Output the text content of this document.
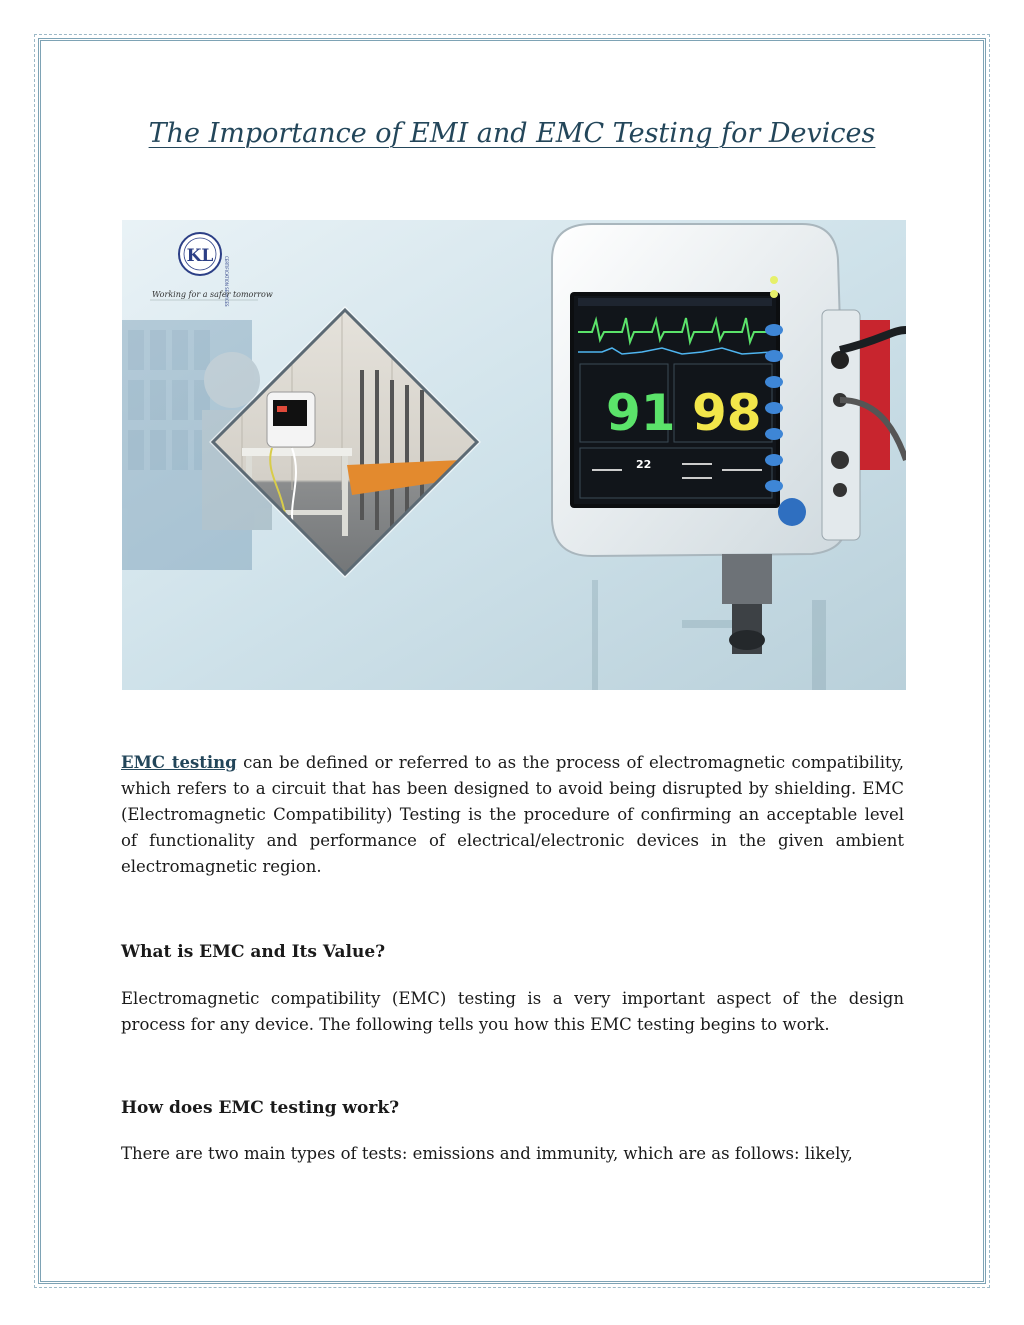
The Importance of EMI and EMC Testing for Devices
KL	CERTIFICATION SERVICES
Working for a safer tomorrow
91 98
22
EMC testing can be defined or referred to as the process of electromagnetic compatibility, which refers to a circuit that has been designed to avoid being disrupted by shielding. EMC (Electromagnetic Compatibility) Testing is the procedure of confirming an acceptable level of functionality and performance of electrical/electronic devices in the given ambient electromagnetic region.
What is EMC and Its Value?
Electromagnetic compatibility (EMC) testing is a very important aspect of the design process for any device. The following tells you how this EMC testing begins to work.
How does EMC testing work?
There are two main types of tests: emissions and immunity, which are as follows: likely,
